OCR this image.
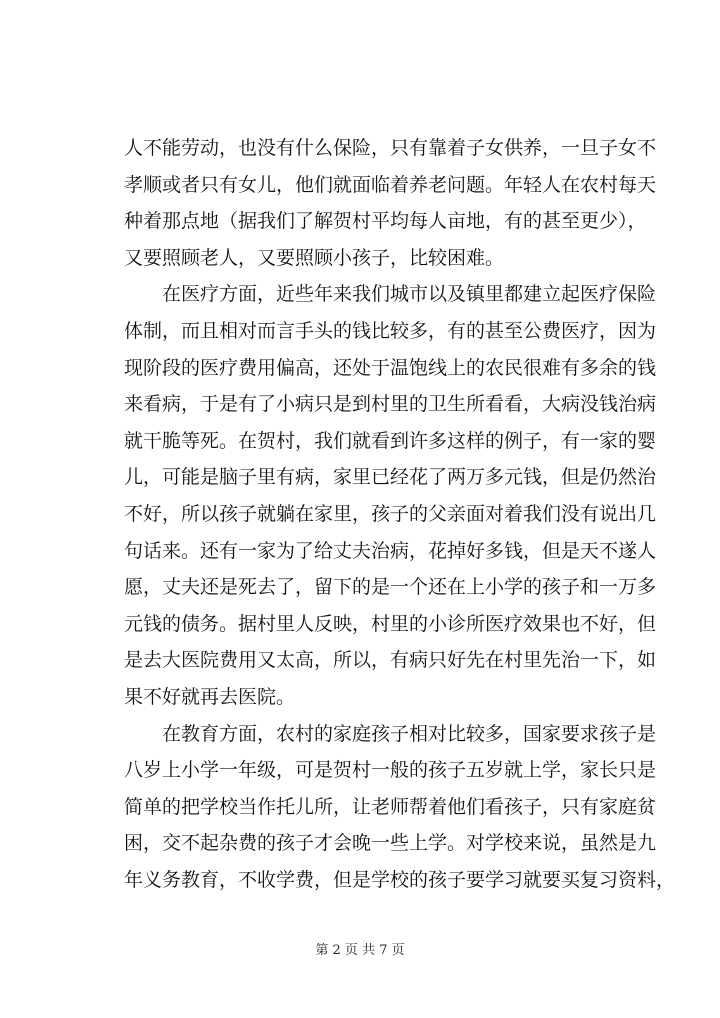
人不能劳动，也没有什么保险，只有靠着子女供养，一旦子女不
孝顺或者只有女儿，他们就面临着养老问题。年轻人在农村每天
种着那点地（据我们了解贺村平均每人亩地，有的甚至更少），
又要照顾老人，又要照顾小孩子，比较困难。
在医疗方面，近些年来我们城市以及镇里都建立起医疗保险
体制，而且相对而言手头的钱比较多，有的甚至公费医疗，因为
现阶段的医疗费用偏高，还处于温饱线上的农民很难有多余的钱
来看病，于是有了小病只是到村里的卫生所看看，大病没钱治病
就干脆等死。在贺村，我们就看到许多这样的例子，有一家的婴
儿，可能是脑子里有病，家里已经花了两万多元钱，但是仍然治
不好，所以孩子就躺在家里，孩子的父亲面对着我们没有说出几
句话来。还有一家为了给丈夫治病，花掉好多钱，但是天不遂人
愿，丈夫还是死去了，留下的是一个还在上小学的孩子和一万多
元钱的债务。据村里人反映，村里的小诊所医疗效果也不好，但
是去大医院费用又太高，所以，有病只好先在村里先治一下，如
果不好就再去医院。
在教育方面，农村的家庭孩子相对比较多，国家要求孩子是
八岁上小学一年级，可是贺村一般的孩子五岁就上学，家长只是
简单的把学校当作托儿所，让老师帮着他们看孩子，只有家庭贫
困，交不起杂费的孩子才会晚一些上学。对学校来说，虽然是九
年义务教育，不收学费，但是学校的孩子要学习就要买复习资料，
第 2 页 共 7 页
